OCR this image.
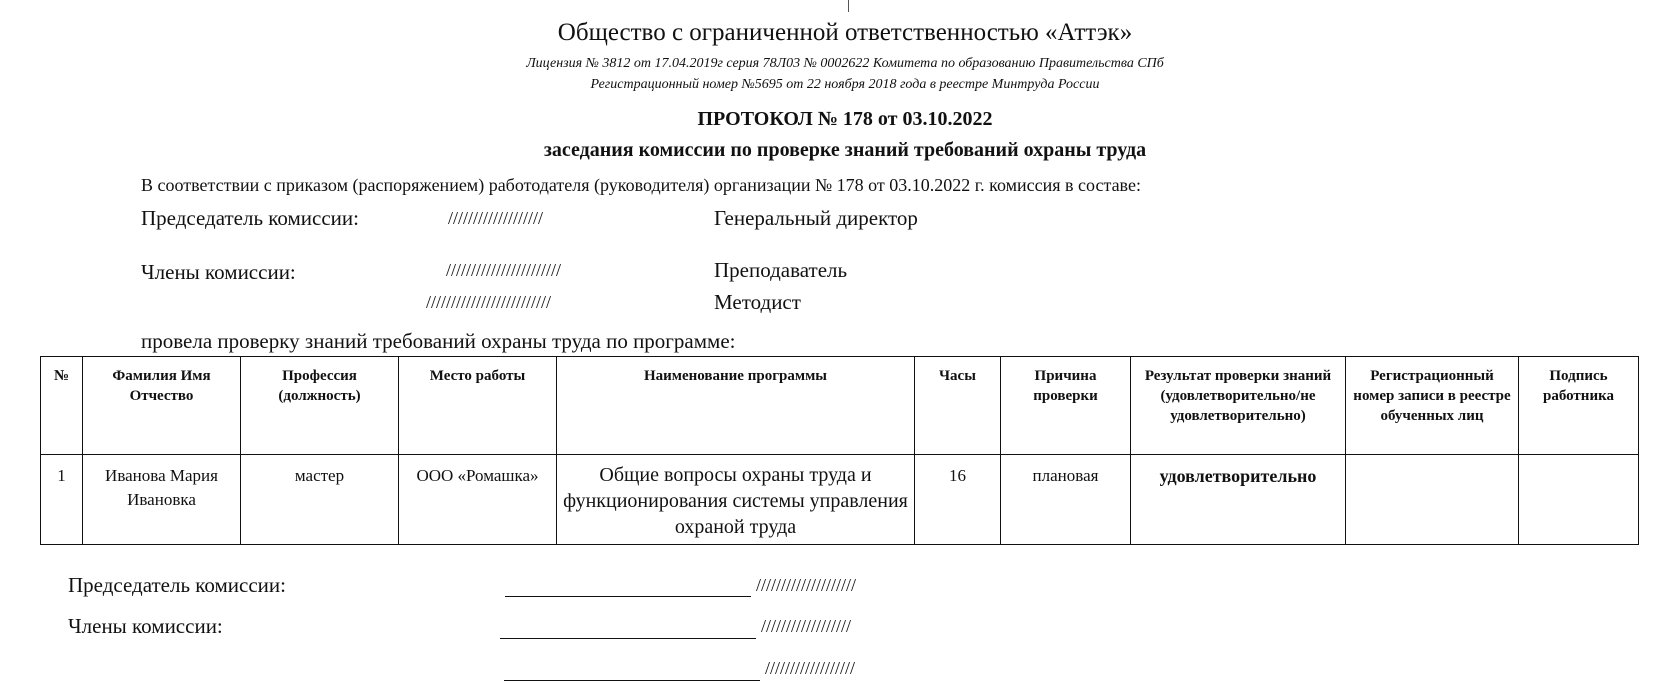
Общество с ограниченной ответственностью «Аттэк»
Лицензия № 3812 от 17.04.2019г серия 78Л03 № 0002622 Комитета по образованию Правительства СПб
Регистрационный номер №5695 от 22 ноября 2018 года в реестре Минтруда России
ПРОТОКОЛ № 178 от 03.10.2022
заседания комиссии по проверке знаний требований охраны труда
В соответствии с приказом (распоряжением) работодателя (руководителя) организации № 178 от 03.10.2022 г. комиссия в составе:
Председатель комиссии:	///////////////////	Генеральный директор
Члены комиссии:	///////////////////////	Преподаватель
/////////////////////////	Методист
провела проверку знаний требований охраны труда по программе:
№	Фамилия Имя Отчество	Профессия (должность)	Место работы	Наименование программы	Часы	Причина проверки	Результат проверки знаний (удовлетворительно/не удовлетворительно)	Регистрационный номер записи в реестре обученных лиц	Подпись работника
1	Иванова Мария Ивановка	мастер	ООО «Ромашка»	Общие вопросы охраны труда и функционирования системы управления охраной труда	16	плановая	удовлетворительно		
Председатель комиссии:	////////////////////
Члены комиссии:	//////////////////
//////////////////
